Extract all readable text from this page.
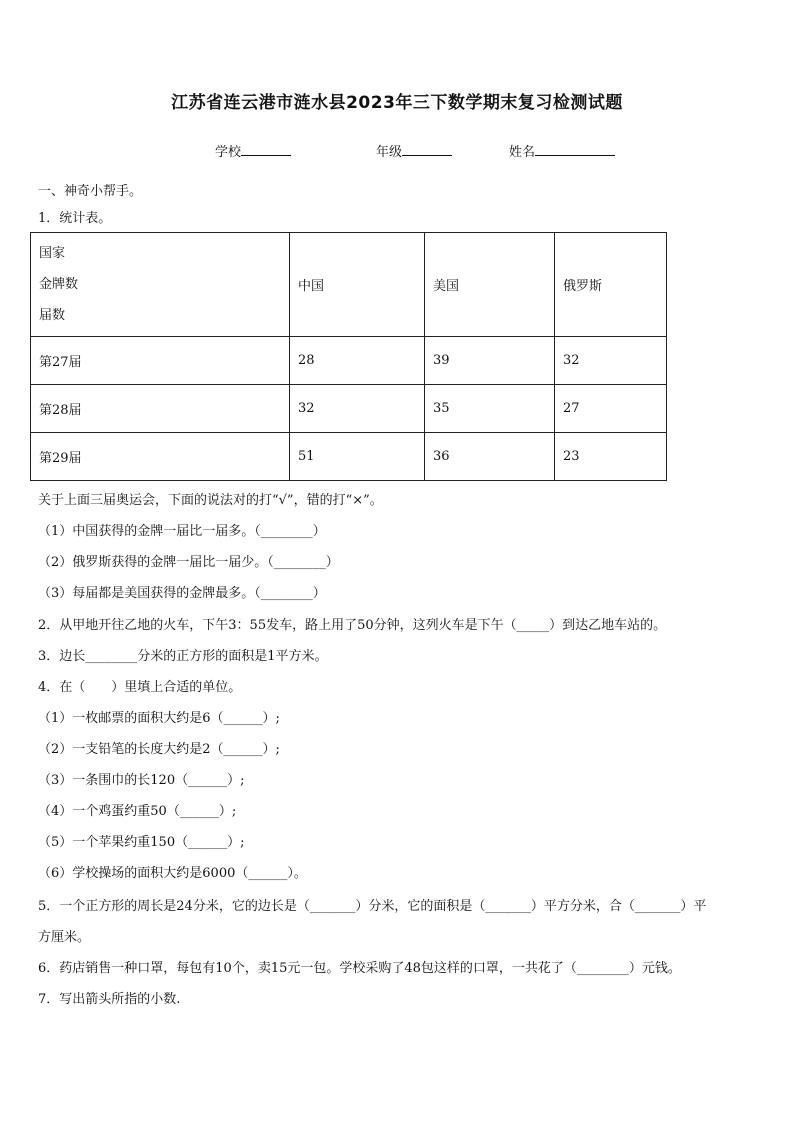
江苏省连云港市涟水县2023年三下数学期末复习检测试题
学校	年级	姓名
一、神奇小帮手。
1．统计表。
国家
金牌数
届数	中国	美国	俄罗斯
第27届	28	39	32
第28届	32	35	27
第29届	51	36	23
关于上面三届奥运会，下面的说法对的打“√”，错的打“×”。
（1）中国获得的金牌一届比一届多。（________）
（2）俄罗斯获得的金牌一届比一届少。（________）
（3）每届都是美国获得的金牌最多。（________）
2．从甲地开往乙地的火车，下午3：55发车，路上用了50分钟，这列火车是下午（_____）到达乙地车站的。
3．边长________分米的正方形的面积是1平方米。
4．在（　　）里填上合适的单位。
（1）一枚邮票的面积大约是6（______）;
（2）一支铅笔的长度大约是2（______）;
（3）一条围巾的长120（______）;
（4）一个鸡蛋约重50（______）;
（5）一个苹果约重150（______）;
（6）学校操场的面积大约是6000（______）。
5．一个正方形的周长是24分米，它的边长是（_______）分米，它的面积是（_______）平方分米，合（_______）平
方厘米。
6．药店销售一种口罩，每包有10个，卖15元一包。学校采购了48包这样的口罩，一共花了（________）元钱。
7．写出箭头所指的小数.
